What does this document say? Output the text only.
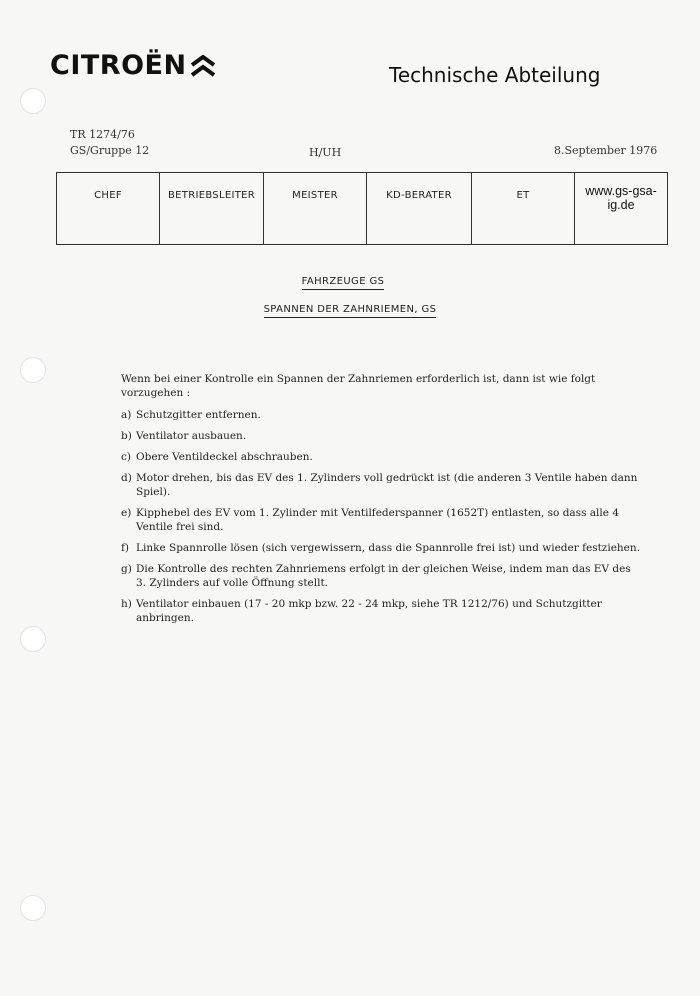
CITROËN	Technische Abteilung
TR 1274/76
GS/Gruppe 12	H/UH	8.September 1976
CHEF	BETRIEBSLEITER	MEISTER	KD-BERATER	ET	www.gs-gsa-ig.de
FAHRZEUGE GS
SPANNEN DER ZAHNRIEMEN, GS

Wenn bei einer Kontrolle ein Spannen der Zahnriemen erforderlich ist, dann ist wie folgt vorzugehen :

a) Schutzgitter entfernen.
b) Ventilator ausbauen.
c) Obere Ventildeckel abschrauben.
d) Motor drehen, bis das EV des 1. Zylinders voll gedrückt ist (die anderen 3 Ventile haben dann Spiel).
e) Kipphebel des EV vom 1. Zylinder mit Ventilfederspanner (1652T) entlasten, so dass alle 4 Ventile frei sind.
f) Linke Spannrolle lösen (sich vergewissern, dass die Spannrolle frei ist) und wieder festziehen.
g) Die Kontrolle des rechten Zahnriemens erfolgt in der gleichen Weise, indem man das EV des 3. Zylinders auf volle Öffnung stellt.
h) Ventilator einbauen (17 - 20 mkp bzw. 22 - 24 mkp, siehe TR 1212/76) und Schutzgitter anbringen.
